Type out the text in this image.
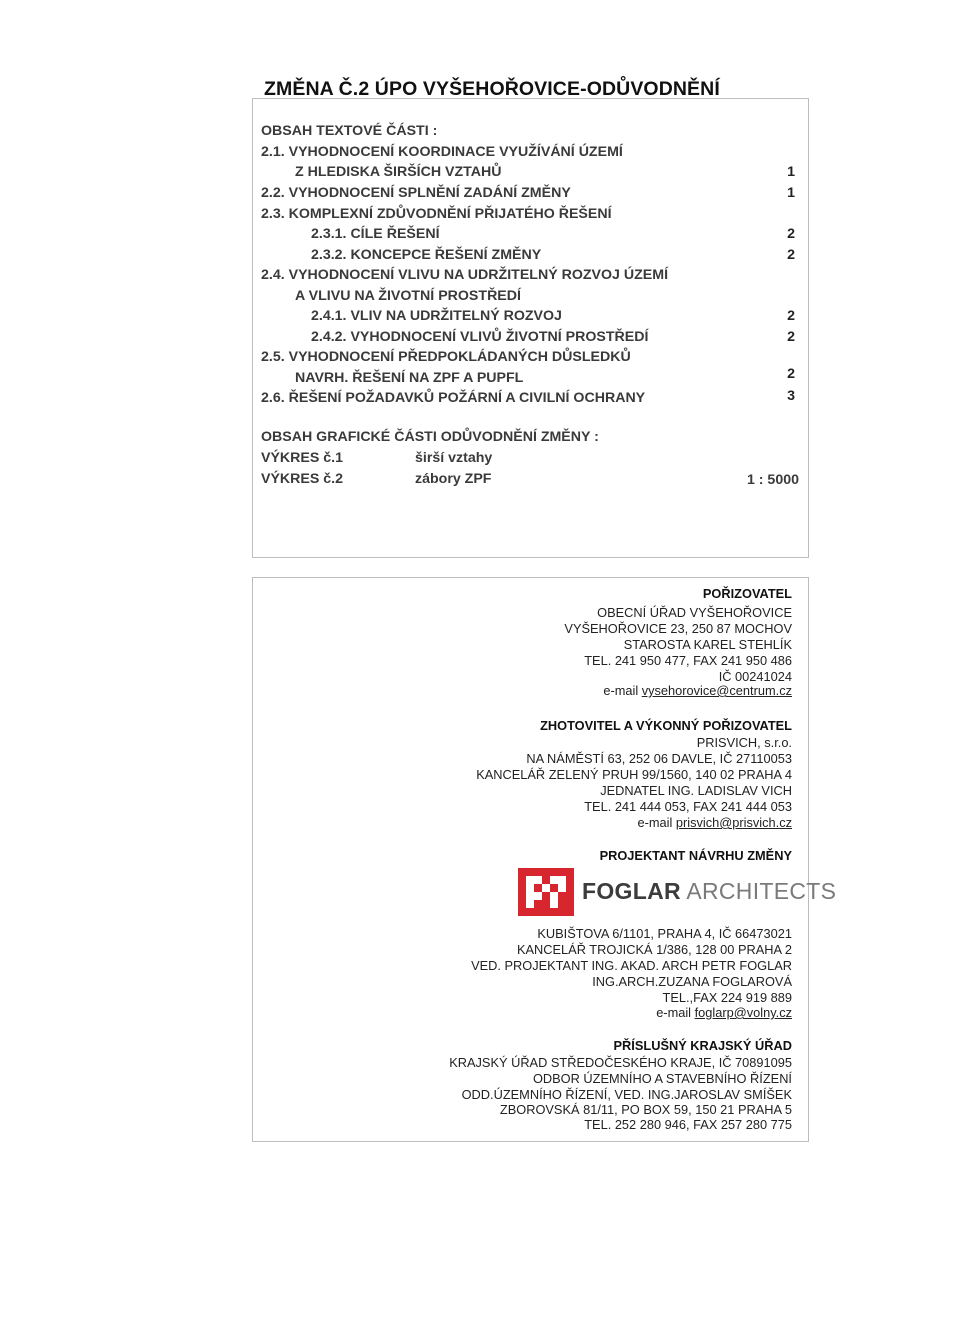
ZMĚNA Č.2 ÚPO VYŠEHOŘOVICE-ODŮVODNĚNÍ
OBSAH TEXTOVÉ ČÁSTI :
2.1. VYHODNOCENÍ KOORDINACE VYUŽÍVÁNÍ ÚZEMÍ
Z HLEDISKA ŠIRŠÍCH VZTAHŮ	1
2.2. VYHODNOCENÍ SPLNĚNÍ ZADÁNÍ ZMĚNY	1
2.3. KOMPLEXNÍ ZDŮVODNĚNÍ PŘIJATÉHO ŘEŠENÍ
2.3.1. CÍLE ŘEŠENÍ	2
2.3.2. KONCEPCE ŘEŠENÍ ZMĚNY	2
2.4. VYHODNOCENÍ VLIVU NA UDRŽITELNÝ ROZVOJ ÚZEMÍ
A VLIVU NA ŽIVOTNÍ PROSTŘEDÍ
2.4.1. VLIV NA UDRŽITELNÝ ROZVOJ	2
2.4.2. VYHODNOCENÍ VLIVŮ ŽIVOTNÍ PROSTŘEDÍ	2
2.5. VYHODNOCENÍ PŘEDPOKLÁDANÝCH DŮSLEDKŮ
NAVRH. ŘEŠENÍ NA ZPF A PUPFL	2
2.6. ŘEŠENÍ POŽADAVKŮ POŽÁRNÍ A CIVILNÍ OCHRANY	3
OBSAH GRAFICKÉ ČÁSTI ODŮVODNĚNÍ ZMĚNY :
VÝKRES č.1	širší vztahy
VÝKRES č.2	zábory ZPF	1 : 5000
POŘIZOVATEL
OBECNÍ ÚŘAD VYŠEHOŘOVICE
VYŠEHOŘOVICE 23, 250 87 MOCHOV
STAROSTA KAREL STEHLÍK
TEL. 241 950 477, FAX 241 950 486
IČ 00241024
e-mail vysehorovice@centrum.cz
ZHOTOVITEL A VÝKONNÝ POŘIZOVATEL
PRISVICH, s.r.o.
NA NÁMĚSTÍ 63, 252 06 DAVLE, IČ 27110053
KANCELÁŘ ZELENÝ PRUH 99/1560, 140 02 PRAHA 4
JEDNATEL ING. LADISLAV VICH
TEL. 241 444 053, FAX 241 444 053
e-mail prisvich@prisvich.cz
PROJEKTANT NÁVRHU ZMĚNY
FOGLAR ARCHITECTS
KUBIŠTOVA 6/1101, PRAHA 4, IČ 66473021
KANCELÁŘ TROJICKÁ 1/386, 128 00 PRAHA 2
VED. PROJEKTANT ING. AKAD. ARCH PETR FOGLAR
ING.ARCH.ZUZANA FOGLAROVÁ
TEL.,FAX 224 919 889
e-mail foglarp@volny.cz
PŘÍSLUŠNÝ KRAJSKÝ ÚŘAD
KRAJSKÝ ÚŘAD STŘEDOČESKÉHO KRAJE, IČ 70891095
ODBOR ÚZEMNÍHO A STAVEBNÍHO ŘÍZENÍ
ODD.ÚZEMNÍHO ŘÍZENÍ, VED. ING.JAROSLAV SMÍŠEK
ZBOROVSKÁ 81/11, PO BOX 59, 150 21 PRAHA 5
TEL. 252 280 946, FAX 257 280 775
